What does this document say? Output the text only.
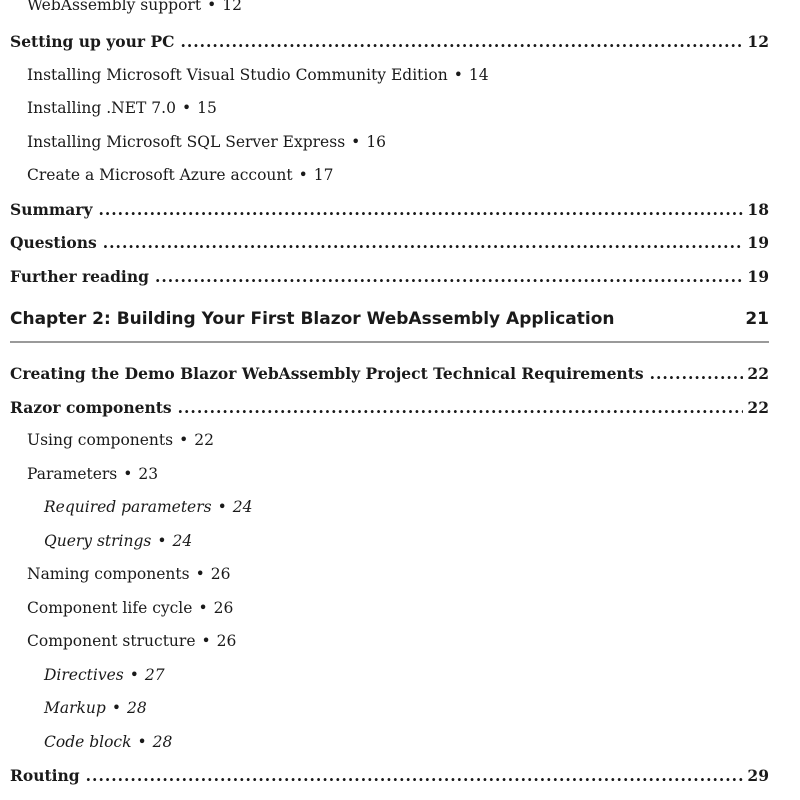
WebAssembly support • 12
Setting up your PC .....	12
Installing Microsoft Visual Studio Community Edition • 14
Installing .NET 7.0 • 15
Installing Microsoft SQL Server Express • 16
Create a Microsoft Azure account • 17
Summary .....	18
Questions .....	19
Further reading .....	19
Chapter 2: Building Your First Blazor WebAssembly Application	21
Creating the Demo Blazor WebAssembly Project Technical Requirements .....	22
Razor components .....	22
Using components • 22
Parameters • 23
Required parameters • 24
Query strings • 24
Naming components • 26
Component life cycle • 26
Component structure • 26
Directives • 27
Markup • 28
Code block • 28
Routing .....	29
